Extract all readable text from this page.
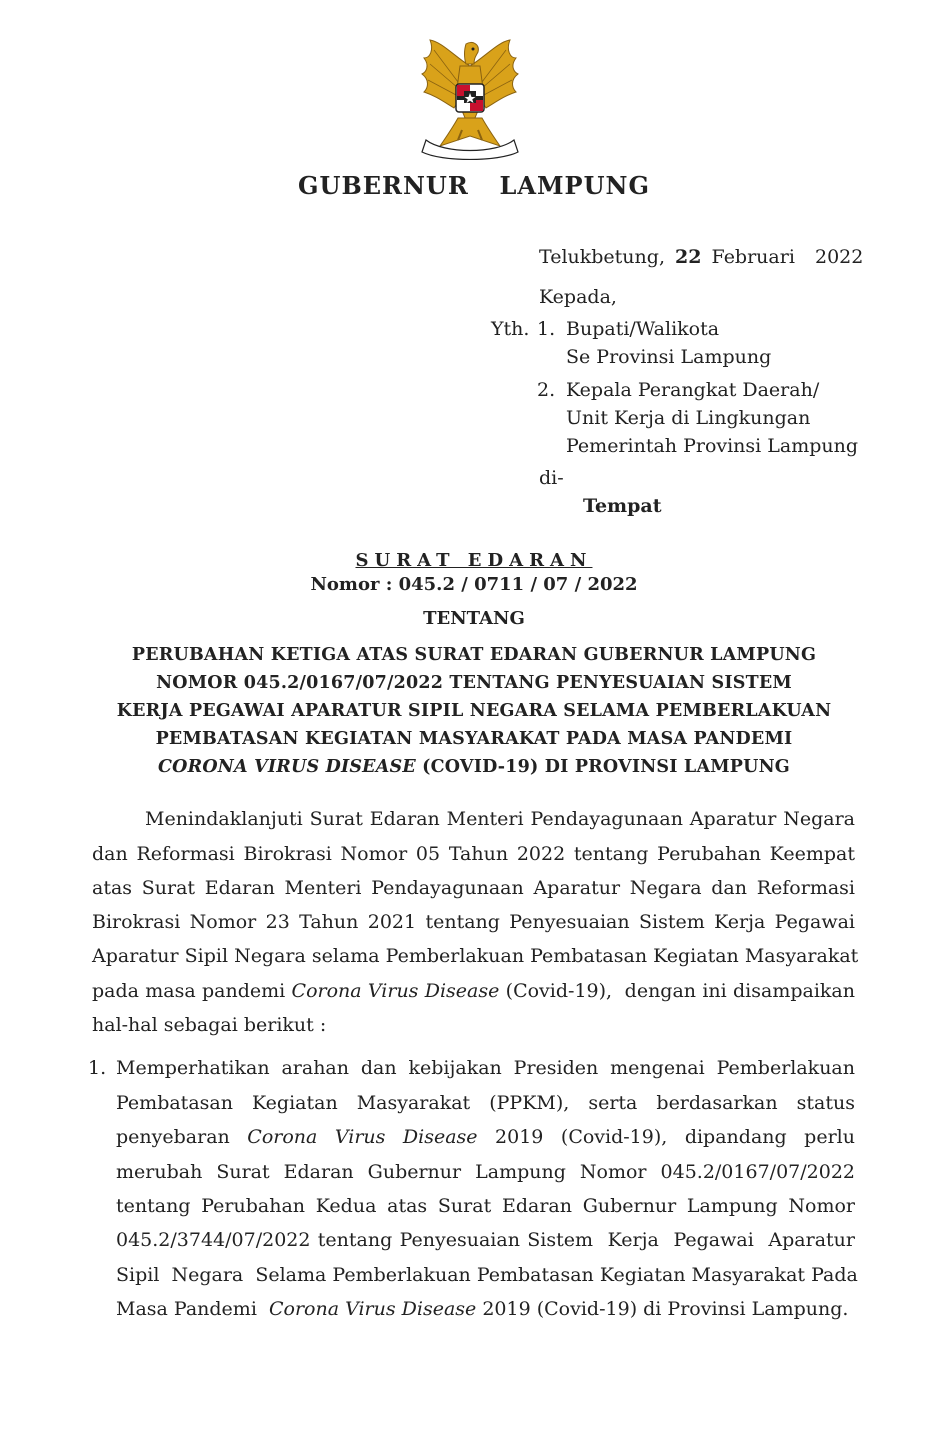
GUBERNUR  LAMPUNG
Telukbetung, 22 Februari  2022
Kepada,
Yth. 1. Bupati/Walikota
Se Provinsi Lampung
2. Kepala Perangkat Daerah/
Unit Kerja di Lingkungan
Pemerintah Provinsi Lampung
di-
Tempat
SURAT EDARAN
Nomor : 045.2 / 0711 / 07 / 2022
TENTANG
PERUBAHAN KETIGA ATAS SURAT EDARAN GUBERNUR LAMPUNG
NOMOR 045.2/0167/07/2022 TENTANG PENYESUAIAN SISTEM
KERJA PEGAWAI APARATUR SIPIL NEGARA SELAMA PEMBERLAKUAN
PEMBATASAN KEGIATAN MASYARAKAT PADA MASA PANDEMI
CORONA VIRUS DISEASE (COVID-19) DI PROVINSI LAMPUNG
Menindaklanjuti Surat Edaran Menteri Pendayagunaan Aparatur Negara
dan Reformasi Birokrasi Nomor 05 Tahun 2022 tentang Perubahan Keempat
atas Surat Edaran Menteri Pendayagunaan Aparatur Negara dan Reformasi
Birokrasi Nomor 23 Tahun 2021 tentang Penyesuaian Sistem Kerja Pegawai
Aparatur Sipil Negara selama Pemberlakuan Pembatasan Kegiatan Masyarakat
pada masa pandemi Corona Virus Disease (Covid-19),  dengan ini disampaikan
hal-hal sebagai berikut :
1. Memperhatikan arahan dan kebijakan Presiden mengenai Pemberlakuan
Pembatasan Kegiatan Masyarakat (PPKM), serta berdasarkan status
penyebaran Corona Virus Disease 2019 (Covid-19), dipandang perlu
merubah Surat Edaran Gubernur Lampung Nomor 045.2/0167/07/2022
tentang Perubahan Kedua atas Surat Edaran Gubernur Lampung Nomor
045.2/3744/07/2022 tentang Penyesuaian Sistem  Kerja  Pegawai  Aparatur
Sipil  Negara  Selama Pemberlakuan Pembatasan Kegiatan Masyarakat Pada
Masa Pandemi  Corona Virus Disease 2019 (Covid-19) di Provinsi Lampung.
